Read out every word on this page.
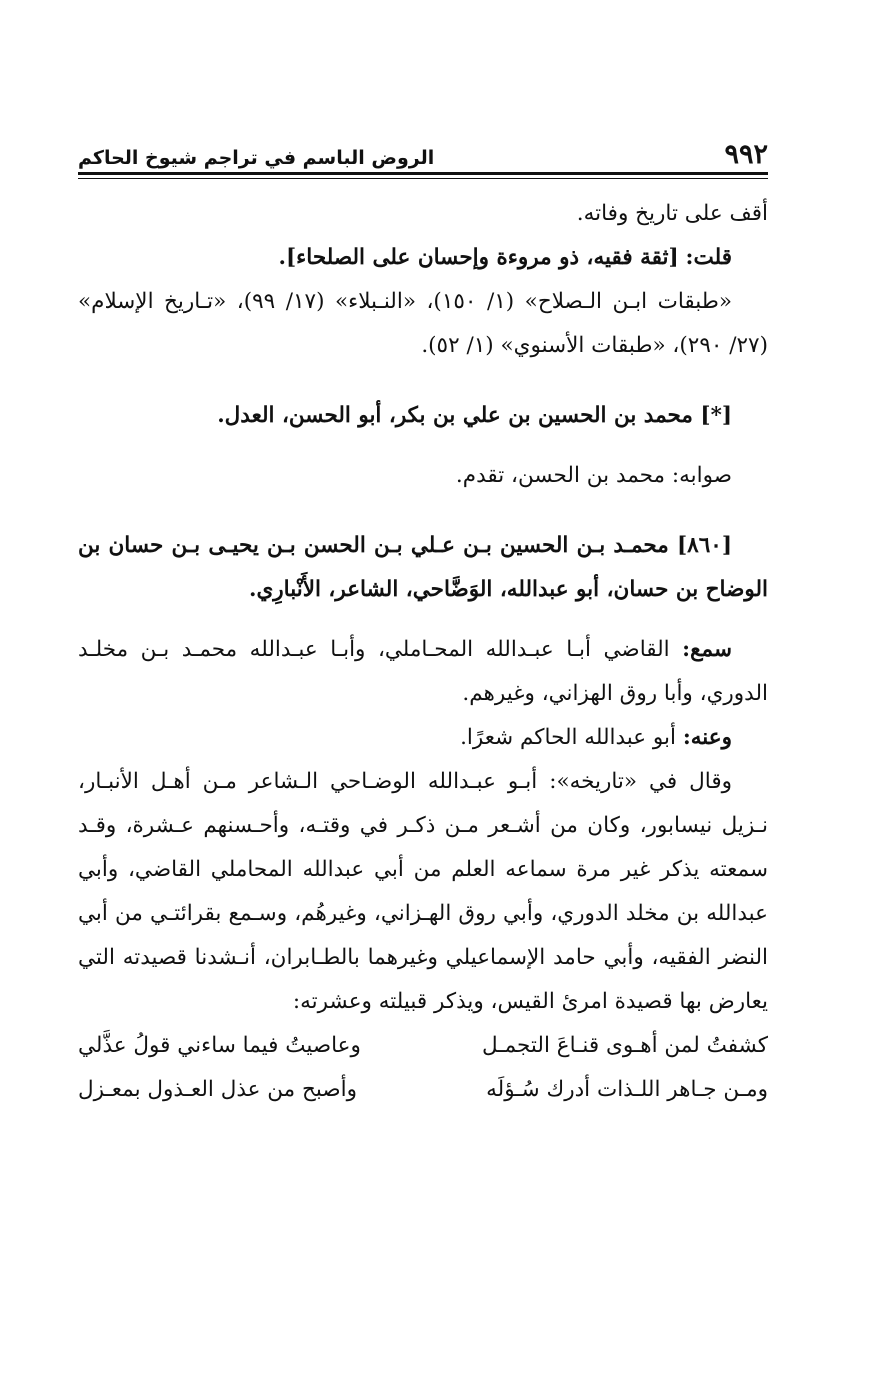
٩٩٢
الروض الباسم في تراجم شيوخ الحاكم

أقف على تاريخ وفاته.

قلت: [ثقة فقيه، ذو مروءة وإحسان على الصلحاء].

«طبقات ابـن الـصلاح» (١/ ١٥٠)، «النـبلاء» (١٧/ ٩٩)، «تـاريخ الإسلام» (٢٧/ ٢٩٠)، «طبقات الأسنوي» (١/ ٥٢).

[*] محمد بن الحسين بن علي بن بكر، أبو الحسن، العدل.

صوابه: محمد بن الحسن، تقدم.

[٨٦٠] محمـد بـن الحسين بـن عـلي بـن الحسن بـن يحيـى بـن حسان بن الوضاح بن حسان، أبو عبدالله، الوَضَّاحي، الشاعر، الأَنْبارِي.

سمع: القاضي أبـا عبـدالله المحـاملي، وأبـا عبـدالله محمـد بـن مخلـد الدوري، وأبا روق الهزاني، وغيرهم.

وعنه: أبو عبدالله الحاكم شعرًا.

وقال في «تاريخه»: أبـو عبـدالله الوضـاحي الـشاعر مـن أهـل الأنبـار، نـزيل نيسابور، وكان من أشـعر مـن ذكـر في وقتـه، وأحـسنهم عـشرة، وقـد سمعته يذكر غير مرة سماعه العلم من أبي عبدالله المحاملي القاضي، وأبي عبدالله بن مخلد الدوري، وأبي روق الهـزاني، وغيرهُم، وسـمع بقرائتـي من أبي النضر الفقيه، وأبي حامد الإسماعيلي وغيرهما بالطـابران، أنـشدنا قصيدته التي يعارض بها قصيدة امرئ القيس، ويذكر قبيلته وعشرته:

كشفتُ لمن أهـوى قنـاعَ التجمـل
وعاصيتُ فيما ساءني قولُ عذَّلي
ومـن جـاهر اللـذات أدرك سُـؤلَه
وأصبح من عذل العـذول بمعـزل
